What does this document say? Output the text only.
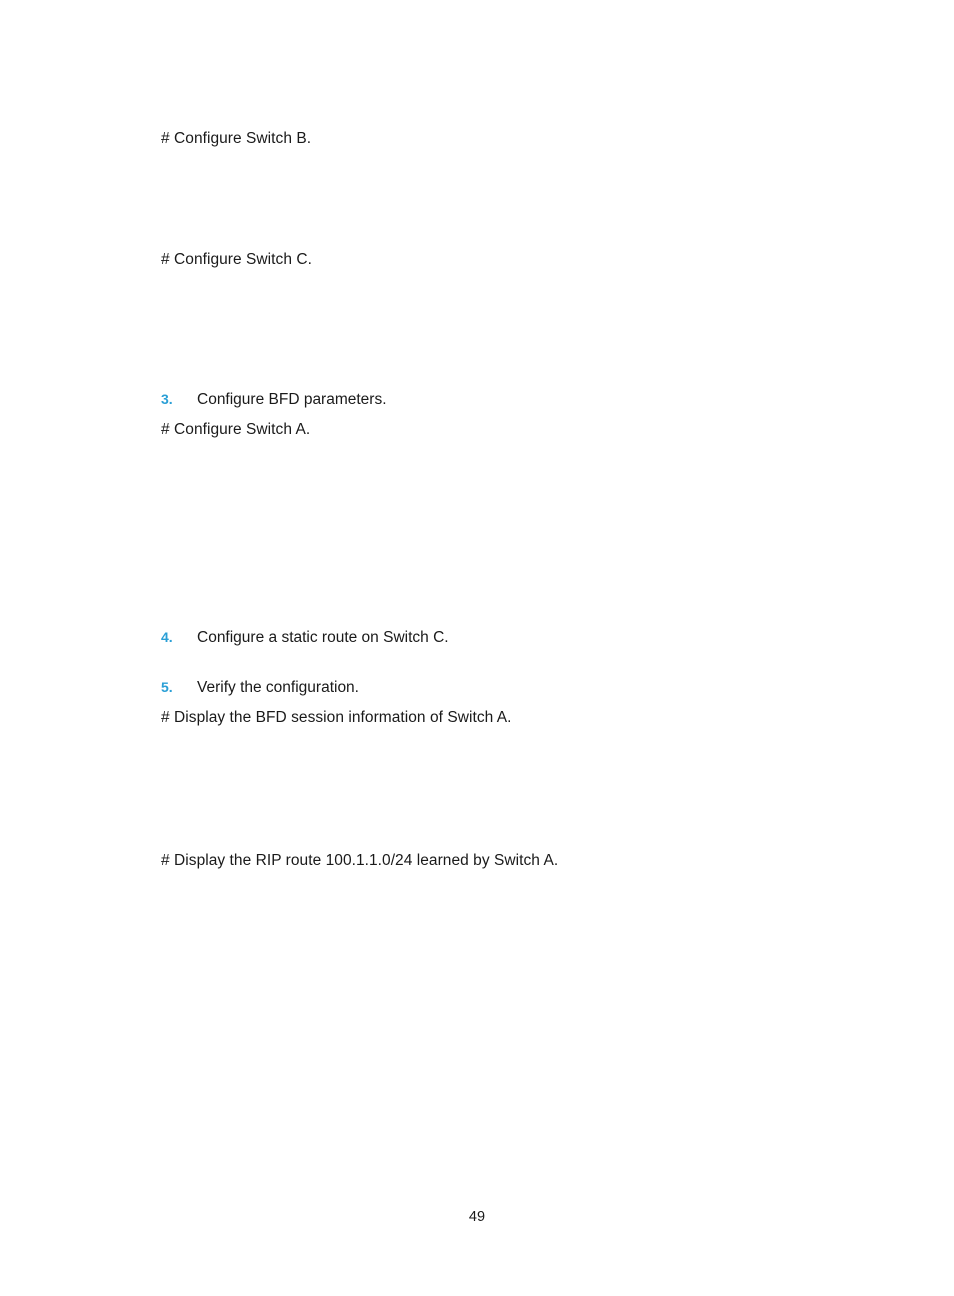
# Configure Switch B.
# Configure Switch C.
3. Configure BFD parameters.
# Configure Switch A.
4. Configure a static route on Switch C.
5. Verify the configuration.
# Display the BFD session information of Switch A.
# Display the RIP route 100.1.1.0/24 learned by Switch A.
49
